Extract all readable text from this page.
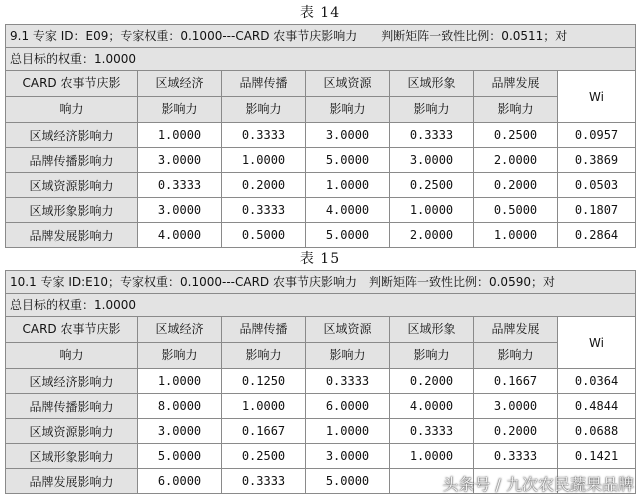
表 14
9.1 专家 ID：E09；专家权重：0.1000---CARD 农事节庆影响力　　判断矩阵一致性比例：0.0511；对						
总目标的权重：1.0000						
CARD 农事节庆影	区域经济	品牌传播	区域资源	区域形象	品牌发展	Wi
响力	影响力	影响力	影响力	影响力	影响力	
区域经济影响力	1.0000	0.3333	3.0000	0.3333	0.2500	0.0957
品牌传播影响力	3.0000	1.0000	5.0000	3.0000	2.0000	0.3869
区域资源影响力	0.3333	0.2000	1.0000	0.2500	0.2000	0.0503
区域形象影响力	3.0000	0.3333	4.0000	1.0000	0.5000	0.1807
品牌发展影响力	4.0000	0.5000	5.0000	2.0000	1.0000	0.2864
表 15
10.1 专家 ID:E10；专家权重：0.1000---CARD 农事节庆影响力　判断矩阵一致性比例：0.0590；对						
总目标的权重：1.0000						
CARD 农事节庆影	区域经济	品牌传播	区域资源	区域形象	品牌发展	Wi
响力	影响力	影响力	影响力	影响力	影响力	
区域经济影响力	1.0000	0.1250	0.3333	0.2000	0.1667	0.0364
品牌传播影响力	8.0000	1.0000	6.0000	4.0000	3.0000	0.4844
区域资源影响力	3.0000	0.1667	1.0000	0.3333	0.2000	0.0688
区域形象影响力	5.0000	0.2500	3.0000	1.0000	0.3333	0.1421
品牌发展影响力	6.0000	0.3333	5.0000				头条号 / 九次农民蔬果品牌
